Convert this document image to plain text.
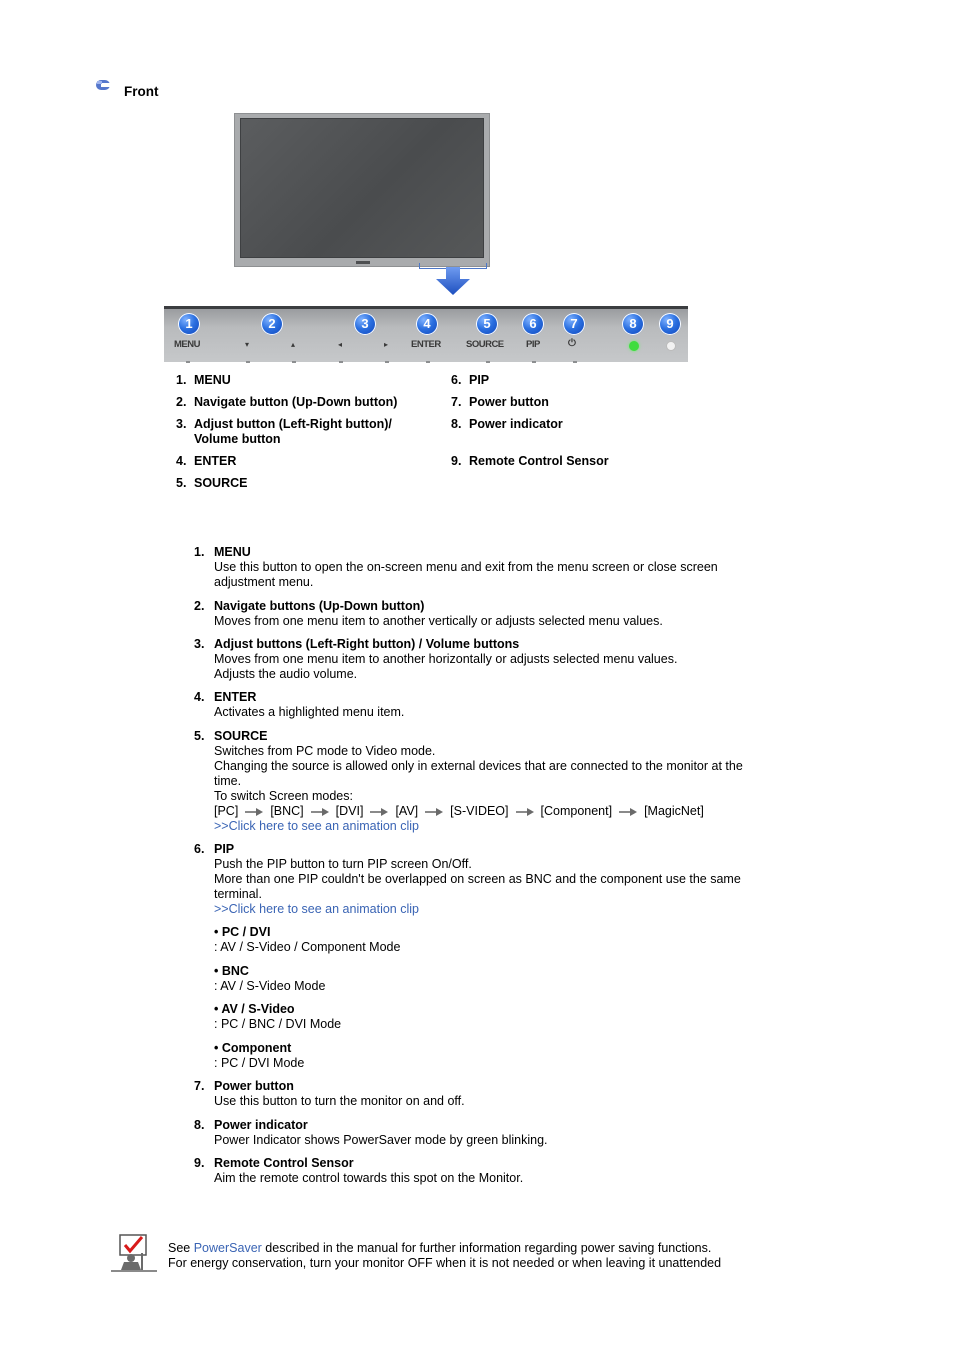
Front
1
MENU
2
▾	▴
3
◂	▸
4
ENTER
5
SOURCE
6
PIP
7
⏻
8	9
1. MENU
2. Navigate button (Up-Down button)
3. Adjust button (Left-Right button)/ Volume button
4. ENTER
5. SOURCE
6. PIP
7. Power button
8. Power indicator
9. Remote Control Sensor
1. MENU
Use this button to open the on-screen menu and exit from the menu screen or close screen adjustment menu.
2. Navigate buttons (Up-Down button)
Moves from one menu item to another vertically or adjusts selected menu values.
3. Adjust buttons (Left-Right button) / Volume buttons
Moves from one menu item to another horizontally or adjusts selected menu values.
Adjusts the audio volume.
4. ENTER
Activates a highlighted menu item.
5. SOURCE
Switches from PC mode to Video mode.
Changing the source is allowed only in external devices that are connected to the monitor at the time.
To switch Screen modes:
[PC]	[BNC]	[DVI]	[AV]	[S-VIDEO]	[Component]	[MagicNet]
>>Click here to see an animation clip
6. PIP
Push the PIP button to turn PIP screen On/Off.
More than one PIP couldn't be overlapped on screen as BNC and the component use the same terminal.
>>Click here to see an animation clip
• PC / DVI
: AV / S-Video / Component Mode
• BNC
: AV / S-Video Mode
• AV / S-Video
: PC / BNC / DVI Mode
• Component
: PC / DVI Mode
7. Power button
Use this button to turn the monitor on and off.
8. Power indicator
Power Indicator shows PowerSaver mode by green blinking.
9. Remote Control Sensor
Aim the remote control towards this spot on the Monitor.
See PowerSaver described in the manual for further information regarding power saving functions.
For energy conservation, turn your monitor OFF when it is not needed or when leaving it unattended
